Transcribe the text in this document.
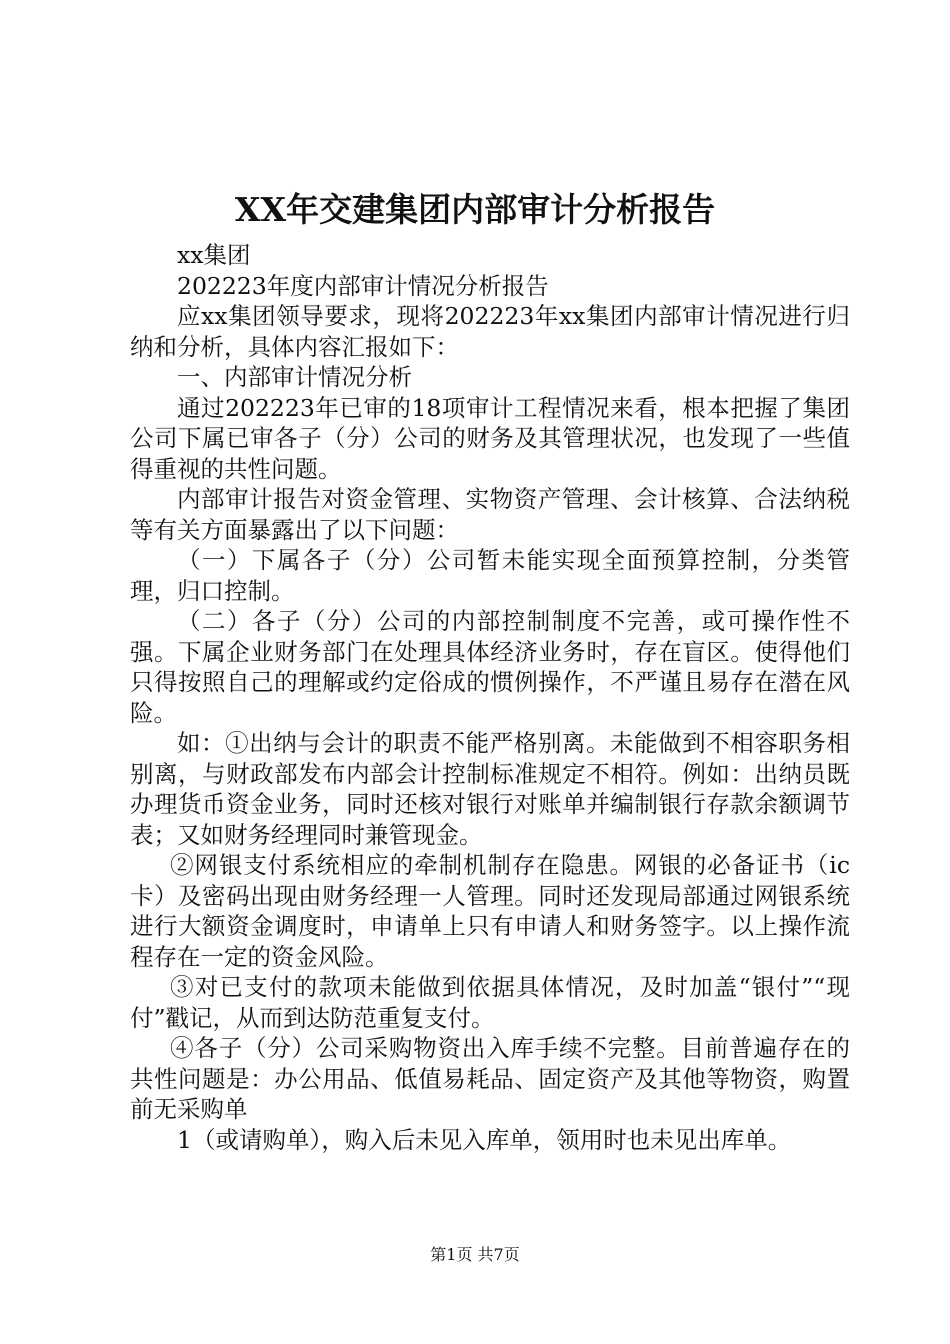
XX年交建集团内部审计分析报告

xx集团

202223年度内部审计情况分析报告

应xx集团领导要求，现将202223年xx集团内部审计情况进行归纳和分析，具体内容汇报如下：

一、内部审计情况分析

通过202223年已审的18项审计工程情况来看，根本把握了集团公司下属已审各子（分）公司的财务及其管理状况，也发现了一些值得重视的共性问题。

内部审计报告对资金管理、实物资产管理、会计核算、合法纳税等有关方面暴露出了以下问题：

（一）下属各子（分）公司暂未能实现全面预算控制，分类管理，归口控制。

（二）各子（分）公司的内部控制制度不完善，或可操作性不强。下属企业财务部门在处理具体经济业务时，存在盲区。使得他们只得按照自己的理解或约定俗成的惯例操作，不严谨且易存在潜在风险。

如：①出纳与会计的职责不能严格别离。未能做到不相容职务相别离，与财政部发布内部会计控制标准规定不相符。例如：出纳员既办理货币资金业务，同时还核对银行对账单并编制银行存款余额调节表；又如财务经理同时兼管现金。

②网银支付系统相应的牵制机制存在隐患。网银的必备证书（ic卡）及密码出现由财务经理一人管理。同时还发现局部通过网银系统进行大额资金调度时，申请单上只有申请人和财务签字。以上操作流程存在一定的资金风险。

③对已支付的款项未能做到依据具体情况，及时加盖“银付”“现付”戳记，从而到达防范重复支付。

④各子（分）公司采购物资出入库手续不完整。目前普遍存在的共性问题是：办公用品、低值易耗品、固定资产及其他等物资，购置前无采购单

1（或请购单），购入后未见入库单，领用时也未见出库单。

第1页 共7页
